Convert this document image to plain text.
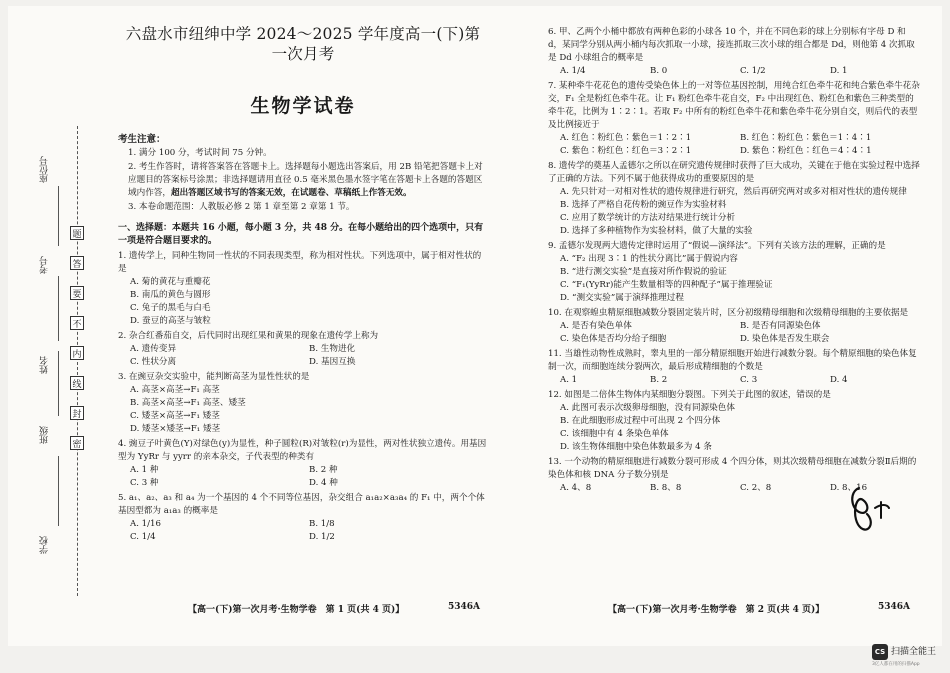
学校
班级
姓名
考号
座位号
题
答
要
不
内
线
封
密
六盘水市纽绅中学 2024～2025 学年度高一(下)第一次月考
生物学试卷
考生注意：

1. 满分 100 分，考试时间 75 分钟。

2. 考生作答时，请将答案答在答题卡上。选择题每小题选出答案后，用 2B 铅笔把答题卡上对应题目的答案标号涂黑；非选择题请用直径 0.5 毫米黑色墨水签字笔在答题卡上各题的答题区域内作答，超出答题区域书写的答案无效，在试题卷、草稿纸上作答无效。

3. 本卷命题范围：人教版必修 2 第 1 章至第 2 章第 1 节。

一、选择题：本题共 16 小题，每小题 3 分，共 48 分。在每小题给出的四个选项中，只有一项是符合题目要求的。
1. 遗传学上，同种生物同一性状的不同表现类型，称为相对性状。下列选项中，属于相对性状的是
A. 菊的黄花与重瓣花
B. 南瓜的黄色与圆形
C. 兔子的黑毛与白毛
D. 蚕豆的高茎与皱粒
2. 杂合红番茄自交，后代同时出现红果和黄果的现象在遗传学上称为
A. 遗传变异	B. 生物进化
C. 性状分离	D. 基因互换
3. 在豌豆杂交实验中，能判断高茎为显性性状的是
A. 高茎×高茎→F₁ 高茎
B. 高茎×高茎→F₁ 高茎、矮茎
C. 矮茎×高茎→F₁ 矮茎
D. 矮茎×矮茎→F₁ 矮茎
4. 豌豆子叶黄色(Y)对绿色(y)为显性，种子圆粒(R)对皱粒(r)为显性，两对性状独立遗传。用基因型为 YyRr 与 yyrr 的亲本杂交，子代表型的种类有
A. 1 种	B. 2 种
C. 3 种	D. 4 种
5. a₁、a₂、a₃ 和 a₄ 为一个基因的 4 个不同等位基因，杂交组合 a₁a₂×a₃a₄ 的 F₁ 中，两个个体基因型都为 a₁a₃ 的概率是
A. 1/16	B. 1/8
C. 1/4	D. 1/2
6. 甲、乙两个小桶中都放有两种色彩的小球各 10 个，并在不同色彩的球上分别标有字母 D 和 d，某同学分别从两小桶内每次抓取一小球，接连抓取三次小球的组合都是 Dd，则他第 4 次抓取是 Dd 小球组合的概率是
A. 1/4	B. 0	C. 1/2	D. 1
7. 某种牵牛花花色的遗传受染色体上的一对等位基因控制，用纯合红色牵牛花和纯合紫色牵牛花杂交，F₁ 全是粉红色牵牛花。让 F₁ 粉红色牵牛花自交，F₂ 中出现红色、粉红色和紫色三种类型的牵牛花，比例为 1∶2∶1。若取 F₂ 中所有的粉红色牵牛花和紫色牵牛花分别自交，则后代的表型及比例接近于
A. 红色∶粉红色∶紫色＝1∶2∶1	B. 红色∶粉红色∶紫色＝1∶4∶1
C. 紫色∶粉红色∶红色＝3∶2∶1	D. 紫色∶粉红色∶红色＝4∶4∶1
8. 遗传学的奠基人孟德尔之所以在研究遗传规律时获得了巨大成功，关键在于他在实验过程中选择了正确的方法。下列不属于他获得成功的重要原因的是
A. 先只针对一对相对性状的遗传规律进行研究，然后再研究两对或多对相对性状的遗传规律
B. 选择了严格自花传粉的豌豆作为实验材料
C. 应用了数学统计的方法对结果进行统计分析
D. 选择了多种植物作为实验材料，做了大量的实验
9. 孟德尔发现两大遗传定律时运用了“假说—演绎法”。下列有关该方法的理解，正确的是
A. “F₂ 出现 3∶1 的性状分离比”属于假说内容
B. “进行测交实验”是直接对所作假说的验证
C. “F₁(YyRr)能产生数量相等的四种配子”属于推理验证
D. “测交实验”属于演绎推理过程
10. 在观察蝗虫精原细胞减数分裂固定装片时，区分初级精母细胞和次级精母细胞的主要依据是
A. 是否有染色单体	B. 是否有同源染色体
C. 染色体是否均分给子细胞	D. 染色体是否发生联会
11. 当雄性动物性成熟时，睾丸里的一部分精原细胞开始进行减数分裂。每个精原细胞的染色体复制一次，而细胞连续分裂两次，最后形成精细胞的个数是
A. 1	B. 2	C. 3	D. 4
12. 如图是二倍体生物体内某细胞分裂图。下列关于此图的叙述，错误的是
A. 此图可表示次级卵母细胞，没有同源染色体
B. 在此细胞形成过程中可出现 2 个四分体
C. 该细胞中有 4 条染色单体
D. 该生物体细胞中染色体数最多为 4 条
13. 一个动物的精原细胞进行减数分裂可形成 4 个四分体，则其次级精母细胞在减数分裂Ⅱ后期的染色体和核 DNA 分子数分别是
A. 4、8	B. 8、8	C. 2、8	D. 8、16
【高一(下)第一次月考·生物学卷　第 1 页(共 4 页)】	5346A	【高一(下)第一次月考·生物学卷　第 2 页(共 4 页)】	5346A
CS 扫描全能王
3亿人都在用的扫描App
